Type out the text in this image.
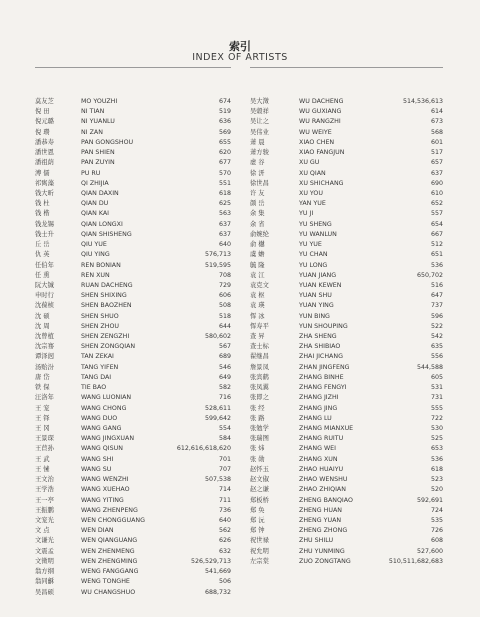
索引
INDEX OF ARTISTS
莫友芝	MO YOUZHI	674
倪 田	NI TIAN	519
倪元璐	NI YUANLU	636
倪 瓒	NI ZAN	569
潘恭寿	PAN GONGSHOU	655
潘世恩	PAN SHIEN	620
潘祖荫	PAN ZUYIN	677
溥 儒	PU RU	570
祁寯藻	QI ZHIJIA	551
钱大昕	QIAN DAXIN	618
钱 杜	QIAN DU	625
钱 楷	QIAN KAI	563
钱龙锡	QIAN LONGXI	637
钱士升	QIAN SHISHENG	637
丘 岳	QIU YUE	640
仇 英	QIU YING	576,713
任伯年	REN BONIAN	519,595
任 熏	REN XUN	708
阮大铖	RUAN DACHENG	729
申时行	SHEN SHIXING	606
沈葆桢	SHEN BAOZHEN	508
沈 硕	SHEN SHUO	518
沈 周	SHEN ZHOU	644
沈曾植	SHEN ZENGZHI	580,602
沈宗骞	SHEN ZONGQIAN	567
谭泽闿	TAN ZEKAI	689
汤贻汾	TANG YIFEN	546
唐 岱	TANG DAI	649
铁 保	TIE BAO	582
汪洛年	WANG LUONIAN	716
王 宠	WANG CHONG	528,611
王 铎	WANG DUO	599,642
王 冈	WANG GANG	554
王景琛	WANG JINGXUAN	584
王苣孙	WANG QISUN	612,616,618,620
王 武	WANG SHI	701
王 愫	WANG SU	707
王文治	WANG WENZHI	507,538
王学浩	WANG XUEHAO	714
王一亭	WANG YITING	711
王振鹏	WANG ZHENPENG	736
文宠光	WEN CHONGGUANG	640
文 点	WEN DIAN	562
文谦光	WEN QIANGUANG	626
文震孟	WEN ZHENMENG	632
文徵明	WEN ZHENGMING	526,529,713
翁方纲	WENG FANGGANG	541,669
翁同龢	WENG TONGHE	506
吴昌硕	WU CHANGSHUO	688,732
吴大澂	WU DACHENG	514,536,613
吴榖祥	WU GUXIANG	614
吴让之	WU RANGZHI	673
吴伟业	WU WEIYE	568
萧 晨	XIAO CHEN	601
萧方骏	XIAO FANGJUN	517
虚 谷	XU GU	657
徐 汧	XU QIAN	637
徐世昌	XU SHICHANG	690
许 友	XU YOU	610
颜 岳	YAN YUE	652
余 集	YU JI	557
余 省	YU SHENG	654
俞婉纶	YU WANLUN	667
俞 樾	YU YUE	512
虞 蟾	YU CHAN	651
毓 隆	YU LONG	536
袁 江	YUAN JIANG	650,702
袁克文	YUAN KEWEN	516
袁 枢	YUAN SHU	647
袁 瑛	YUAN YING	737
恽 冰	YUN BING	596
恽寿平	YUN SHOUPING	522
查 昇	ZHA SHENG	542
查士标	ZHA SHIBIAO	635
翟继昌	ZHAI JICHANG	556
詹景凤	ZHAN JINGFENG	544,588
张宾鹤	ZHANG BINHE	605
张凤翼	ZHANG FENGYI	531
张即之	ZHANG JIZHI	731
张 经	ZHANG JING	555
张 路	ZHANG LU	722
张勉学	ZHANG MIANXUE	530
张瑞图	ZHANG RUITU	525
张 炜	ZHANG WEI	653
张 勋	ZHANG XUN	536
赵怀玉	ZHAO HUAIYU	618
赵文俶	ZHAO WENSHU	523
赵之谦	ZHAO ZHIQIAN	520
郑板桥	ZHENG BANQIAO	592,691
郑 奂	ZHENG HUAN	724
郑 沅	ZHENG YUAN	535
郑 钟	ZHENG ZHONG	726
祝世禄	ZHU SHILU	608
祝允明	ZHU YUNMING	527,600
左宗棠	ZUO ZONGTANG	510,511,682,683
